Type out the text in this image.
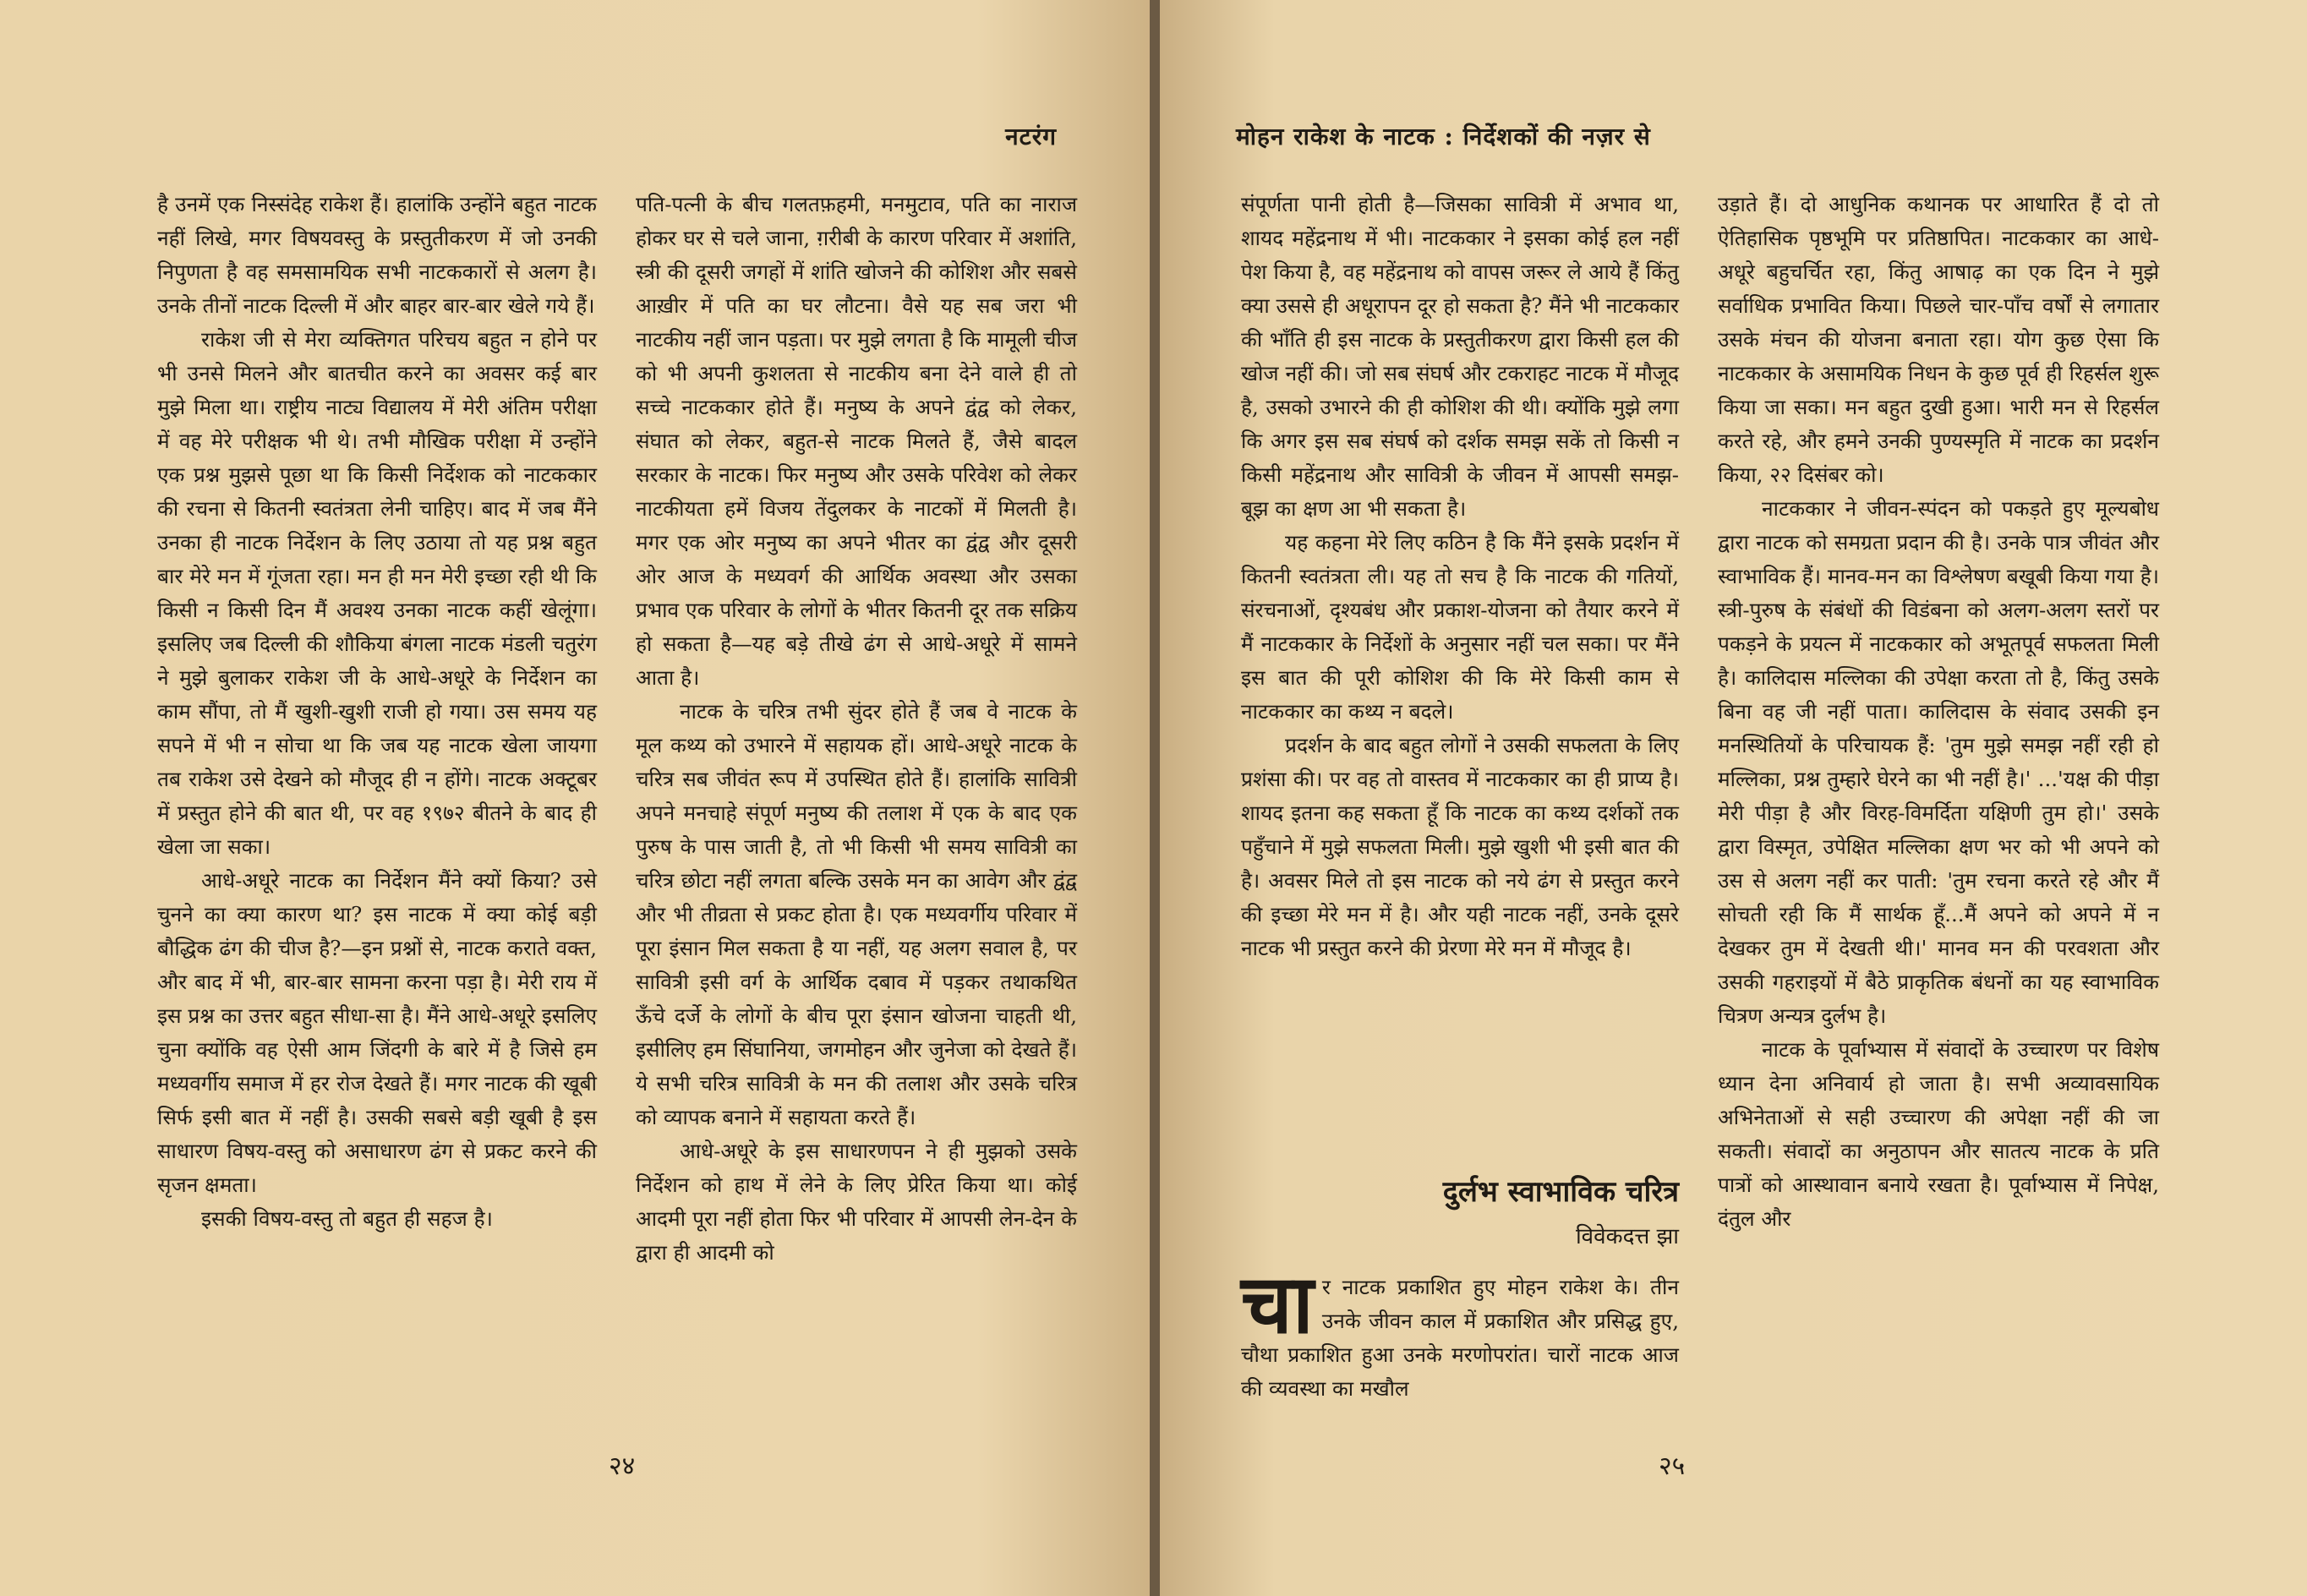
नटरंग

है उनमें एक निस्संदेह राकेश हैं। हालांकि उन्होंने बहुत नाटक नहीं लिखे, मगर विषयवस्तु के प्रस्तुतीकरण में जो उनकी निपुणता है वह समसामयिक सभी नाटककारों से अलग है। उनके तीनों नाटक दिल्ली में और बाहर बार-बार खेले गये हैं।

राकेश जी से मेरा व्यक्तिगत परिचय बहुत न होने पर भी उनसे मिलने और बातचीत करने का अवसर कई बार मुझे मिला था। राष्ट्रीय नाट्य विद्यालय में मेरी अंतिम परीक्षा में वह मेरे परीक्षक भी थे। तभी मौखिक परीक्षा में उन्होंने एक प्रश्न मुझसे पूछा था कि किसी निर्देशक को नाटककार की रचना से कितनी स्वतंत्रता लेनी चाहिए। बाद में जब मैंने उनका ही नाटक निर्देशन के लिए उठाया तो यह प्रश्न बहुत बार मेरे मन में गूंजता रहा। मन ही मन मेरी इच्छा रही थी कि किसी न किसी दिन मैं अवश्य उनका नाटक कहीं खेलूंगा। इसलिए जब दिल्ली की शौकिया बंगला नाटक मंडली चतुरंग ने मुझे बुलाकर राकेश जी के आधे-अधूरे के निर्देशन का काम सौंपा, तो मैं खुशी-खुशी राजी हो गया। उस समय यह सपने में भी न सोचा था कि जब यह नाटक खेला जायगा तब राकेश उसे देखने को मौजूद ही न होंगे। नाटक अक्टूबर में प्रस्तुत होने की बात थी, पर वह १९७२ बीतने के बाद ही खेला जा सका।

आधे-अधूरे नाटक का निर्देशन मैंने क्यों किया? उसे चुनने का क्या कारण था? इस नाटक में क्या कोई बड़ी बौद्धिक ढंग की चीज है?—इन प्रश्नों से, नाटक कराते वक्त, और बाद में भी, बार-बार सामना करना पड़ा है। मेरी राय में इस प्रश्न का उत्तर बहुत सीधा-सा है। मैंने आधे-अधूरे इसलिए चुना क्योंकि वह ऐसी आम जिंदगी के बारे में है जिसे हम मध्यवर्गीय समाज में हर रोज देखते हैं। मगर नाटक की खूबी सिर्फ इसी बात में नहीं है। उसकी सबसे बड़ी खूबी है इस साधारण विषय-वस्तु को असाधारण ढंग से प्रकट करने की सृजन क्षमता।

इसकी विषय-वस्तु तो बहुत ही सहज है।

पति-पत्नी के बीच गलतफ़हमी, मनमुटाव, पति का नाराज होकर घर से चले जाना, ग़रीबी के कारण परिवार में अशांति, स्त्री की दूसरी जगहों में शांति खोजने की कोशिश और सबसे आख़ीर में पति का घर लौटना। वैसे यह सब जरा भी नाटकीय नहीं जान पड़ता। पर मुझे लगता है कि मामूली चीज को भी अपनी कुशलता से नाटकीय बना देने वाले ही तो सच्चे नाटककार होते हैं। मनुष्य के अपने द्वंद्व को लेकर, संघात को लेकर, बहुत-से नाटक मिलते हैं, जैसे बादल सरकार के नाटक। फिर मनुष्य और उसके परिवेश को लेकर नाटकीयता हमें विजय तेंदुलकर के नाटकों में मिलती है। मगर एक ओर मनुष्य का अपने भीतर का द्वंद्व और दूसरी ओर आज के मध्यवर्ग की आर्थिक अवस्था और उसका प्रभाव एक परिवार के लोगों के भीतर कितनी दूर तक सक्रिय हो सकता है—यह बड़े तीखे ढंग से आधे-अधूरे में सामने आता है।

नाटक के चरित्र तभी सुंदर होते हैं जब वे नाटक के मूल कथ्य को उभारने में सहायक हों। आधे-अधूरे नाटक के चरित्र सब जीवंत रूप में उपस्थित होते हैं। हालांकि सावित्री अपने मनचाहे संपूर्ण मनुष्य की तलाश में एक के बाद एक पुरुष के पास जाती है, तो भी किसी भी समय सावित्री का चरित्र छोटा नहीं लगता बल्कि उसके मन का आवेग और द्वंद्व और भी तीव्रता से प्रकट होता है। एक मध्यवर्गीय परिवार में पूरा इंसान मिल सकता है या नहीं, यह अलग सवाल है, पर सावित्री इसी वर्ग के आर्थिक दबाव में पड़कर तथाकथित ऊँचे दर्जे के लोगों के बीच पूरा इंसान खोजना चाहती थी, इसीलिए हम सिंघानिया, जगमोहन और जुनेजा को देखते हैं। ये सभी चरित्र सावित्री के मन की तलाश और उसके चरित्र को व्यापक बनाने में सहायता करते हैं।

आधे-अधूरे के इस साधारणपन ने ही मुझको उसके निर्देशन को हाथ में लेने के लिए प्रेरित किया था। कोई आदमी पूरा नहीं होता फिर भी परिवार में आपसी लेन-देन के द्वारा ही आदमी को

२४
मोहन राकेश के नाटक : निर्देशकों की नज़र से

संपूर्णता पानी होती है—जिसका सावित्री में अभाव था, शायद महेंद्रनाथ में भी। नाटककार ने इसका कोई हल नहीं पेश किया है, वह महेंद्रनाथ को वापस जरूर ले आये हैं किंतु क्या उससे ही अधूरापन दूर हो सकता है? मैंने भी नाटककार की भाँति ही इस नाटक के प्रस्तुतीकरण द्वारा किसी हल की खोज नहीं की। जो सब संघर्ष और टकराहट नाटक में मौजूद है, उसको उभारने की ही कोशिश की थी। क्योंकि मुझे लगा कि अगर इस सब संघर्ष को दर्शक समझ सकें तो किसी न किसी महेंद्रनाथ और सावित्री के जीवन में आपसी समझ-बूझ का क्षण आ भी सकता है।

यह कहना मेरे लिए कठिन है कि मैंने इसके प्रदर्शन में कितनी स्वतंत्रता ली। यह तो सच है कि नाटक की गतियों, संरचनाओं, दृश्यबंध और प्रकाश-योजना को तैयार करने में मैं नाटककार के निर्देशों के अनुसार नहीं चल सका। पर मैंने इस बात की पूरी कोशिश की कि मेरे किसी काम से नाटककार का कथ्य न बदले।

प्रदर्शन के बाद बहुत लोगों ने उसकी सफलता के लिए प्रशंसा की। पर वह तो वास्तव में नाटककार का ही प्राप्य है। शायद इतना कह सकता हूँ कि नाटक का कथ्य दर्शकों तक पहुँचाने में मुझे सफलता मिली। मुझे खुशी भी इसी बात की है। अवसर मिले तो इस नाटक को नये ढंग से प्रस्तुत करने की इच्छा मेरे मन में है। और यही नाटक नहीं, उनके दूसरे नाटक भी प्रस्तुत करने की प्रेरणा मेरे मन में मौजूद है।

दुर्लभ स्वाभाविक चरित्र
विवेकदत्त झा
चार नाटक प्रकाशित हुए मोहन राकेश के। तीन उनके जीवन काल में प्रकाशित और प्रसिद्ध हुए, चौथा प्रकाशित हुआ उनके मरणोपरांत। चारों नाटक आज की व्यवस्था का मखौल

उड़ाते हैं। दो आधुनिक कथानक पर आधारित हैं दो तो ऐतिहासिक पृष्ठभूमि पर प्रतिष्ठापित। नाटककार का आधे-अधूरे बहुचर्चित रहा, किंतु आषाढ़ का एक दिन ने मुझे सर्वाधिक प्रभावित किया। पिछले चार-पाँच वर्षों से लगातार उसके मंचन की योजना बनाता रहा। योग कुछ ऐसा कि नाटककार के असामयिक निधन के कुछ पूर्व ही रिहर्सल शुरू किया जा सका। मन बहुत दुखी हुआ। भारी मन से रिहर्सल करते रहे, और हमने उनकी पुण्यस्मृति में नाटक का प्रदर्शन किया, २२ दिसंबर को।

नाटककार ने जीवन-स्पंदन को पकड़ते हुए मूल्यबोध द्वारा नाटक को समग्रता प्रदान की है। उनके पात्र जीवंत और स्वाभाविक हैं। मानव-मन का विश्लेषण बखूबी किया गया है। स्त्री-पुरुष के संबंधों की विडंबना को अलग-अलग स्तरों पर पकड़ने के प्रयत्न में नाटककार को अभूतपूर्व सफलता मिली है। कालिदास मल्लिका की उपेक्षा करता तो है, किंतु उसके बिना वह जी नहीं पाता। कालिदास के संवाद उसकी इन मनस्थितियों के परिचायक हैं: 'तुम मुझे समझ नहीं रही हो मल्लिका, प्रश्न तुम्हारे घेरने का भी नहीं है।' ...'यक्ष की पीड़ा मेरी पीड़ा है और विरह-विमर्दिता यक्षिणी तुम हो।' उसके द्वारा विस्मृत, उपेक्षित मल्लिका क्षण भर को भी अपने को उस से अलग नहीं कर पाती: 'तुम रचना करते रहे और मैं सोचती रही कि मैं सार्थक हूँ...मैं अपने को अपने में न देखकर तुम में देखती थी।' मानव मन की परवशता और उसकी गहराइयों में बैठे प्राकृतिक बंधनों का यह स्वाभाविक चित्रण अन्यत्र दुर्लभ है।

नाटक के पूर्वाभ्यास में संवादों के उच्चारण पर विशेष ध्यान देना अनिवार्य हो जाता है। सभी अव्यावसायिक अभिनेताओं से सही उच्चारण की अपेक्षा नहीं की जा सकती। संवादों का अनुठापन और सातत्य नाटक के प्रति पात्रों को आस्थावान बनाये रखता है। पूर्वाभ्यास में निपेक्ष, दंतुल और

२५
